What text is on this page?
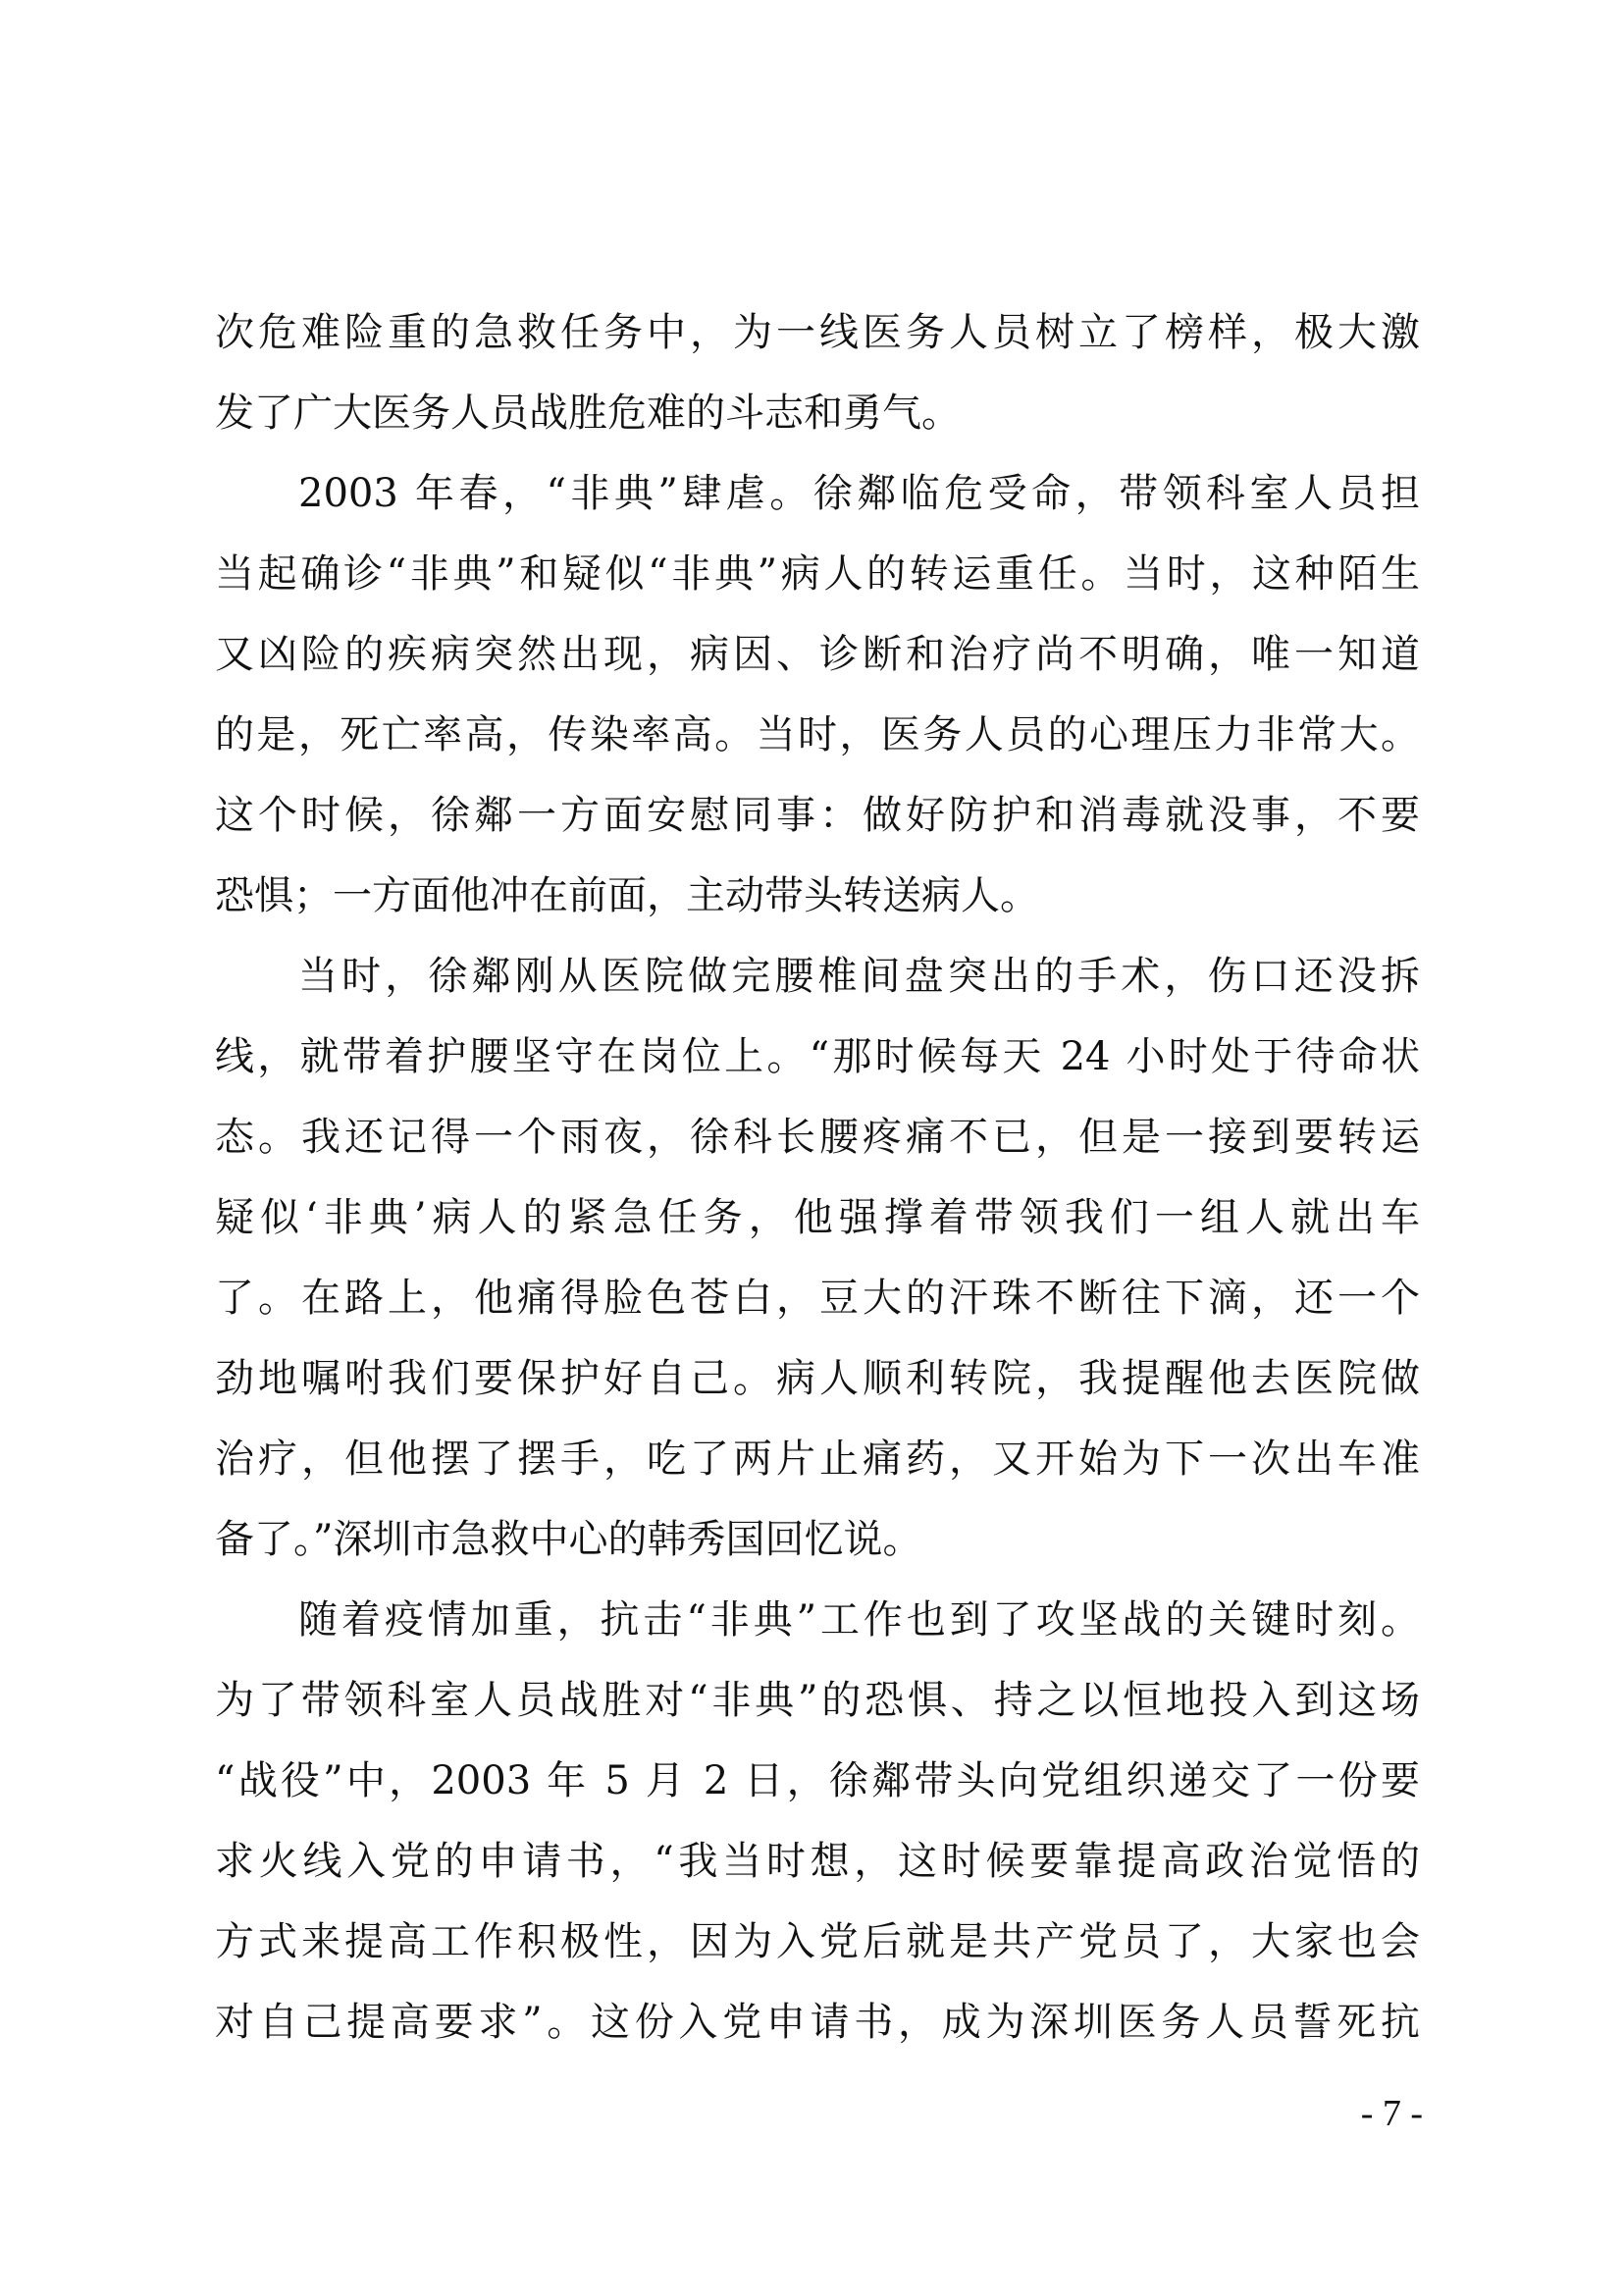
次危难险重的急救任务中，为一线医务人员树立了榜样，极大激
发了广大医务人员战胜危难的斗志和勇气。
2003 年春，“非典”肆虐。徐鄰临危受命，带领科室人员担
当起确诊“非典”和疑似“非典”病人的转运重任。当时，这种陌生
又凶险的疾病突然出现，病因、诊断和治疗尚不明确，唯一知道
的是，死亡率高，传染率高。当时，医务人员的心理压力非常大。
这个时候，徐鄰一方面安慰同事：做好防护和消毒就没事，不要
恐惧；一方面他冲在前面，主动带头转送病人。
当时，徐鄰刚从医院做完腰椎间盘突出的手术，伤口还没拆
线，就带着护腰坚守在岗位上。“那时候每天 24 小时处于待命状
态。我还记得一个雨夜，徐科长腰疼痛不已，但是一接到要转运
疑似‘非典’病人的紧急任务，他强撑着带领我们一组人就出车
了。在路上，他痛得脸色苍白，豆大的汗珠不断往下滴，还一个
劲地嘱咐我们要保护好自己。病人顺利转院，我提醒他去医院做
治疗，但他摆了摆手，吃了两片止痛药，又开始为下一次出车准
备了。”深圳市急救中心的韩秀国回忆说。
随着疫情加重，抗击“非典”工作也到了攻坚战的关键时刻。
为了带领科室人员战胜对“非典”的恐惧、持之以恒地投入到这场
“战役”中，2003 年 5 月 2 日，徐鄰带头向党组织递交了一份要
求火线入党的申请书，“我当时想，这时候要靠提高政治觉悟的
方式来提高工作积极性，因为入党后就是共产党员了，大家也会
对自己提高要求”。这份入党申请书，成为深圳医务人员誓死抗
- 7 -
